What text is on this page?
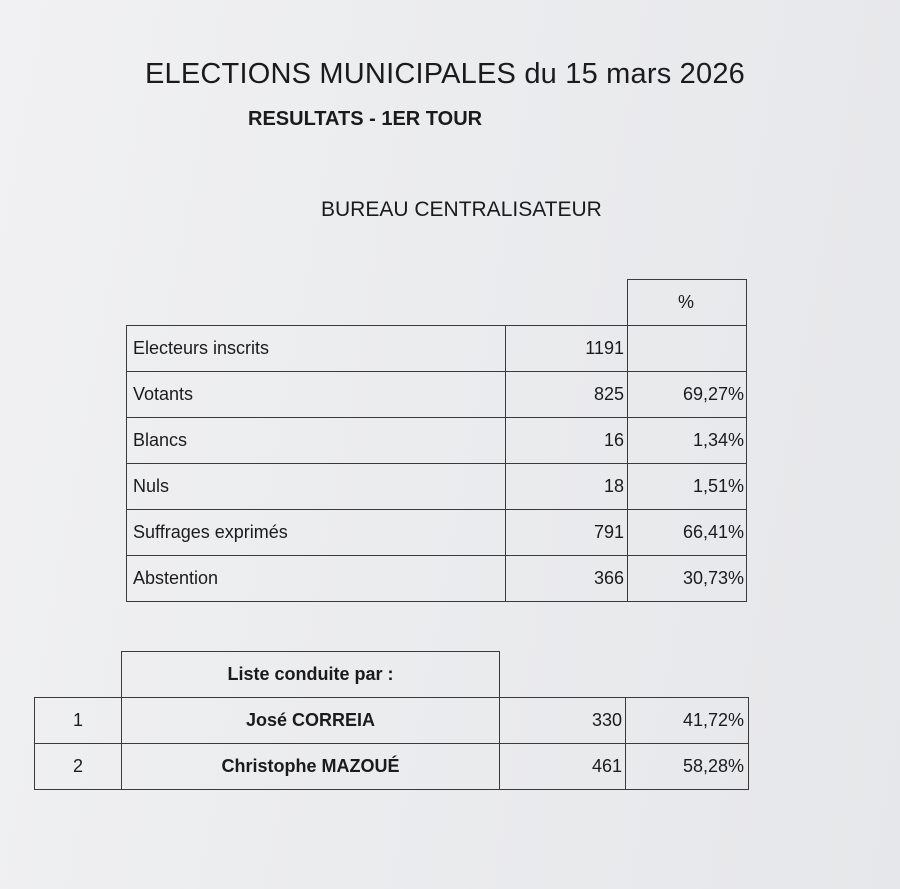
ELECTIONS MUNICIPALES du 15 mars 2026
RESULTATS - 1ER TOUR
BUREAU CENTRALISATEUR
		%
Electeurs inscrits	1191	
Votants	825	69,27%
Blancs	16	1,34%
Nuls	18	1,51%
Suffrages exprimés	791	66,41%
Abstention	366	30,73%
	Liste conduite par :		
1	José CORREIA	330	41,72%
2	Christophe MAZOUÉ	461	58,28%
